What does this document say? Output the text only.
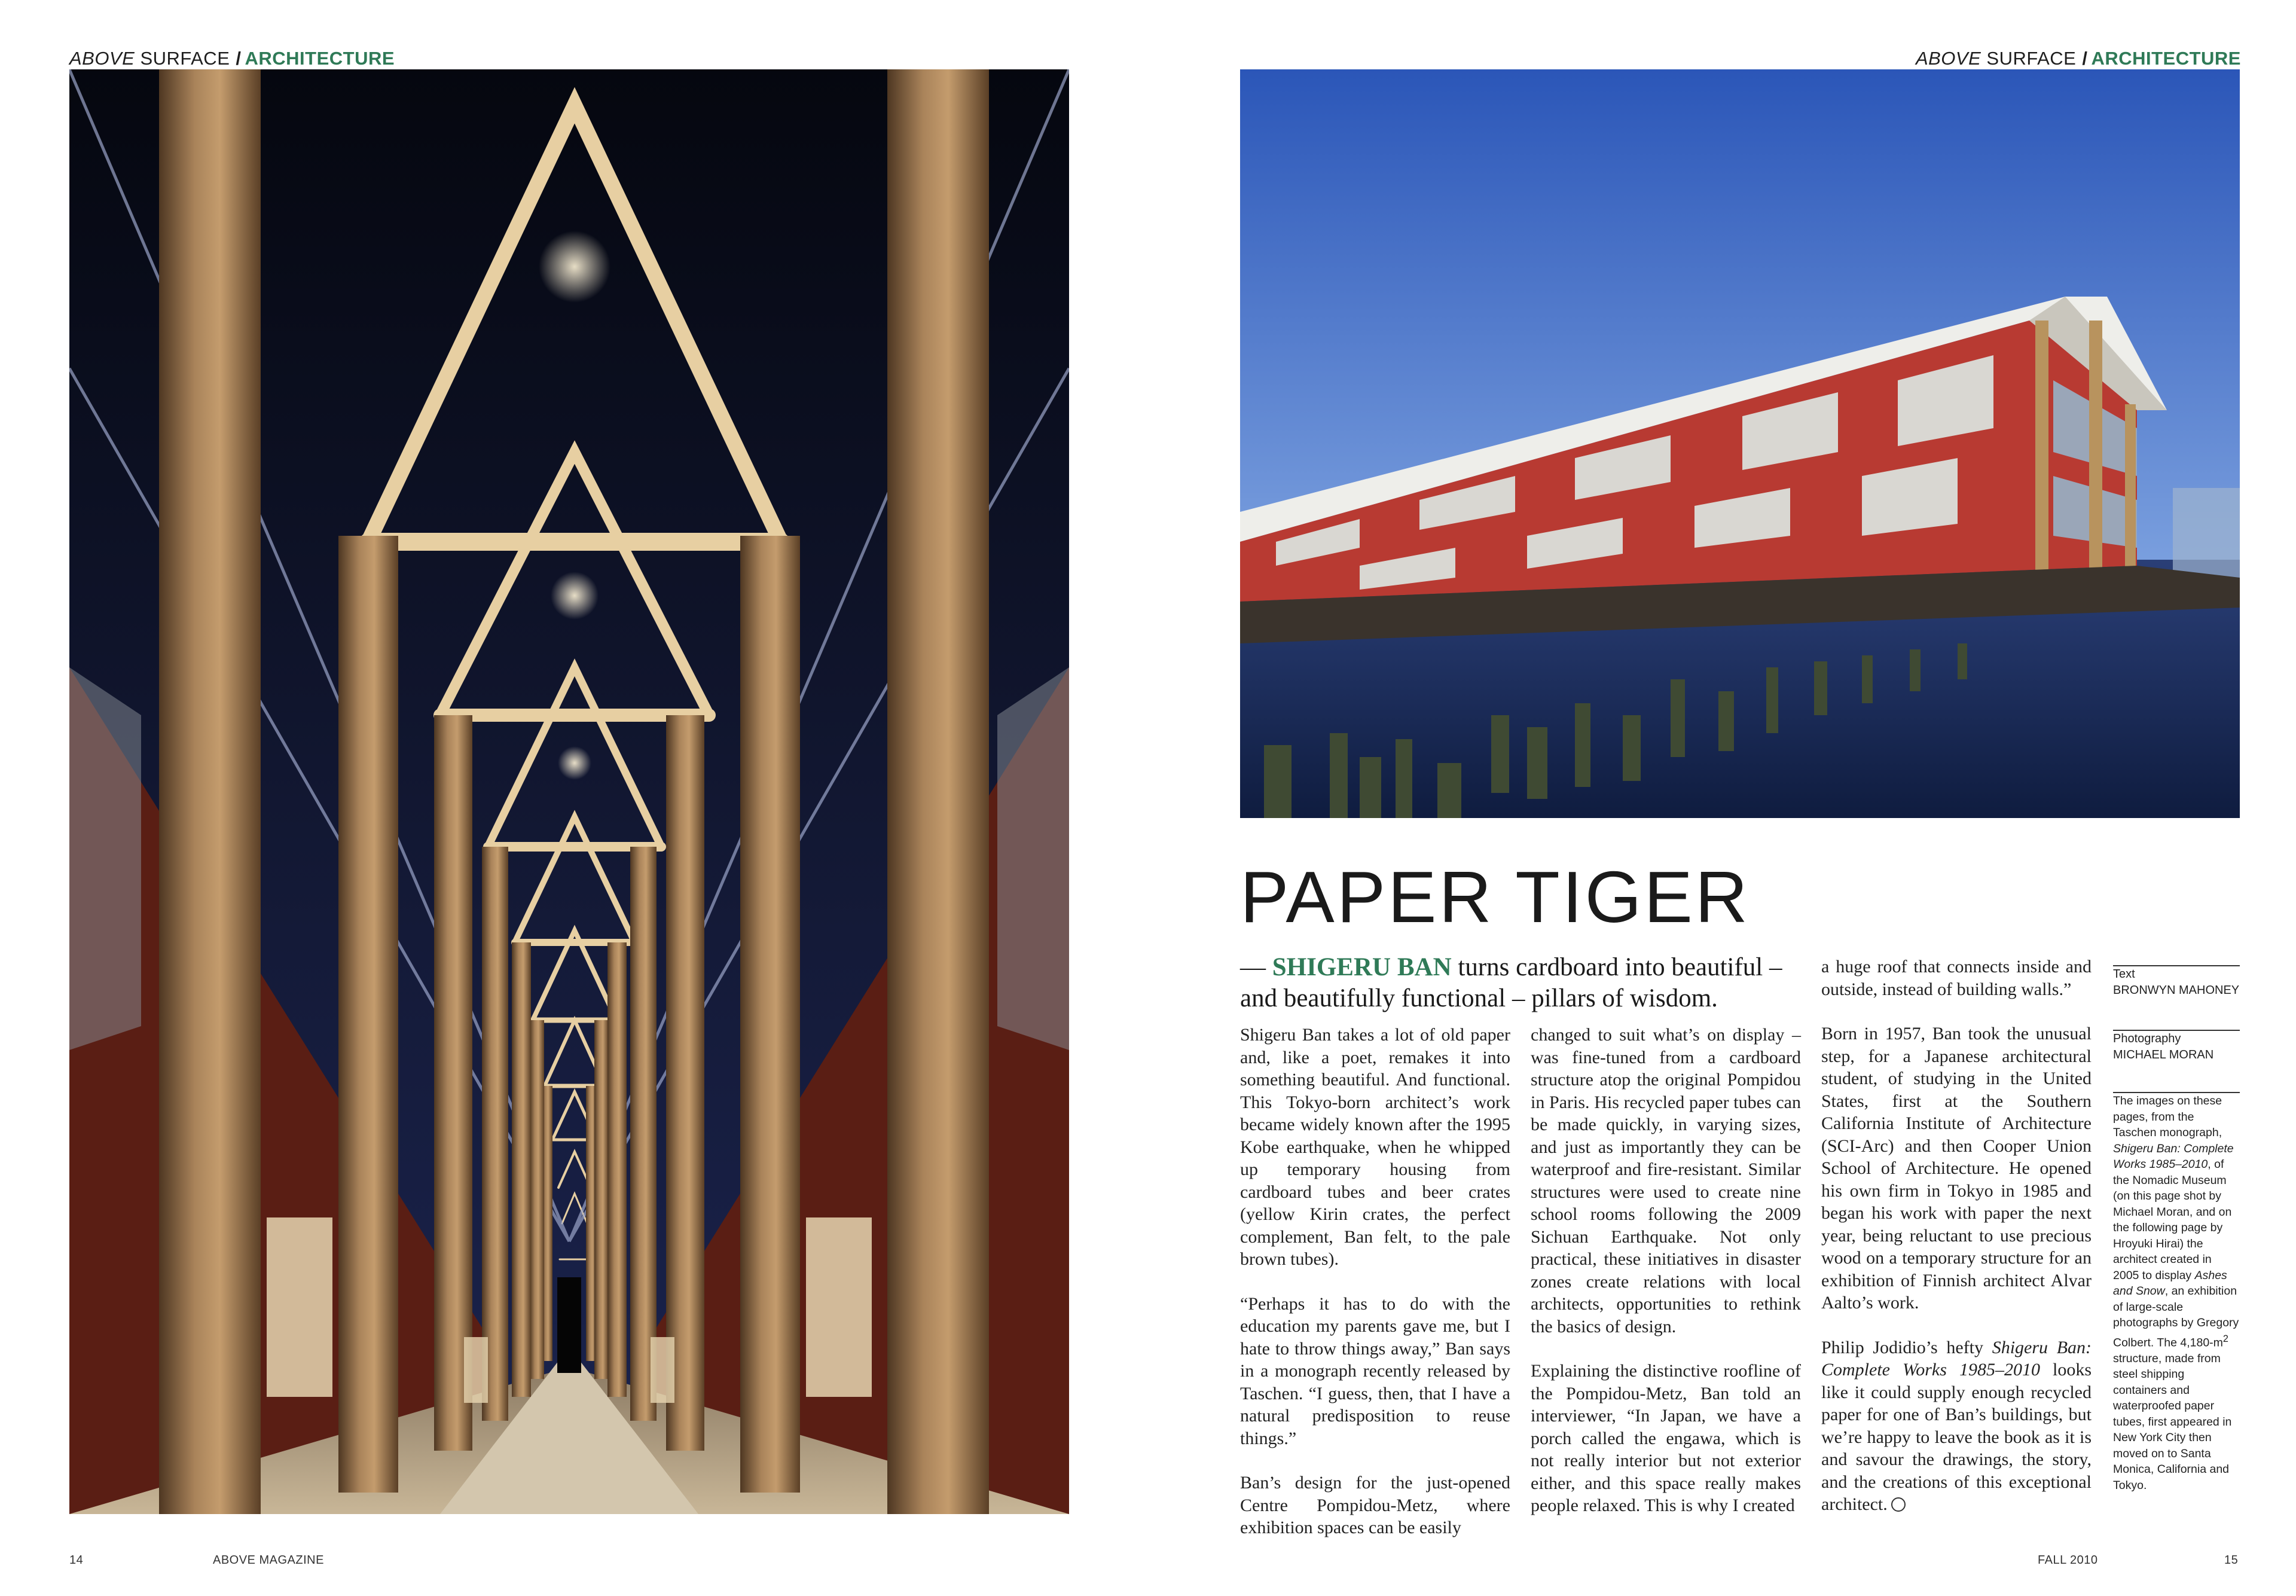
ABOVE SURFACE / ARCHITECTURE	ABOVE SURFACE / ARCHITECTURE
PAPER TIGER
— SHIGERU BAN turns cardboard into beautiful – and beautifully functional – pillars of wisdom.

Shigeru Ban takes a lot of old paper and, like a poet, remakes it into something beautiful. And functional. This Tokyo-born architect’s work became widely known after the 1995 Kobe earthquake, when he whipped up temporary housing from cardboard tubes and beer crates (yellow Kirin crates, the perfect complement, Ban felt, to the pale brown tubes).

“Perhaps it has to do with the education my parents gave me, but I hate to throw things away,” Ban says in a monograph recently released by Taschen. “I guess, then, that I have a natural predisposition to reuse things.”

Ban’s design for the just-opened Centre Pompidou-Metz, where exhibition spaces can be easily

changed to suit what’s on display – was fine-tuned from a cardboard structure atop the original Pompidou in Paris. His recycled paper tubes can be made quickly, in varying sizes, and just as importantly they can be waterproof and fire-resistant. Similar structures were used to create nine school rooms following the 2009 Sichuan Earthquake. Not only practical, these initiatives in disaster zones create relations with local architects, opportunities to rethink the basics of design.

Explaining the distinctive roofline of the Pompidou-Metz, Ban told an interviewer, “In Japan, we have a porch called the engawa, which is not really interior but not exterior either, and this space really makes people relaxed. This is why I created

a huge roof that connects inside and outside, instead of building walls.”

Born in 1957, Ban took the unusual step, for a Japanese architectural student, of studying in the United States, first at the Southern California Institute of Architecture (SCI-Arc) and then Cooper Union School of Architecture. He opened his own firm in Tokyo in 1985 and began his work with paper the next year, being reluctant to use precious wood on a temporary structure for an exhibition of Finnish architect Alvar Aalto’s work.

Philip Jodidio’s hefty Shigeru Ban: Complete Works 1985–2010 looks like it could supply enough recycled paper for one of Ban’s buildings, but we’re happy to leave the book as it is and savour the drawings, the story, and the creations of this exceptional architect.

Text
BRONWYN MAHONEY
Photography
MICHAEL MORAN
The images on these pages, from the Taschen monograph, Shigeru Ban: Complete Works 1985–2010, of the Nomadic Museum (on this page shot by Michael Moran, and on the following page by Hroyuki Hirai) the architect created in 2005 to display Ashes and Snow, an exhibition of large-scale photographs by Gregory Colbert. The $4,180-m^2$ structure, made from steel shipping containers and waterproofed paper tubes, first appeared in New York City then moved on to Santa Monica, California and Tokyo.
14	ABOVE MAGAZINE	FALL 2010	15
